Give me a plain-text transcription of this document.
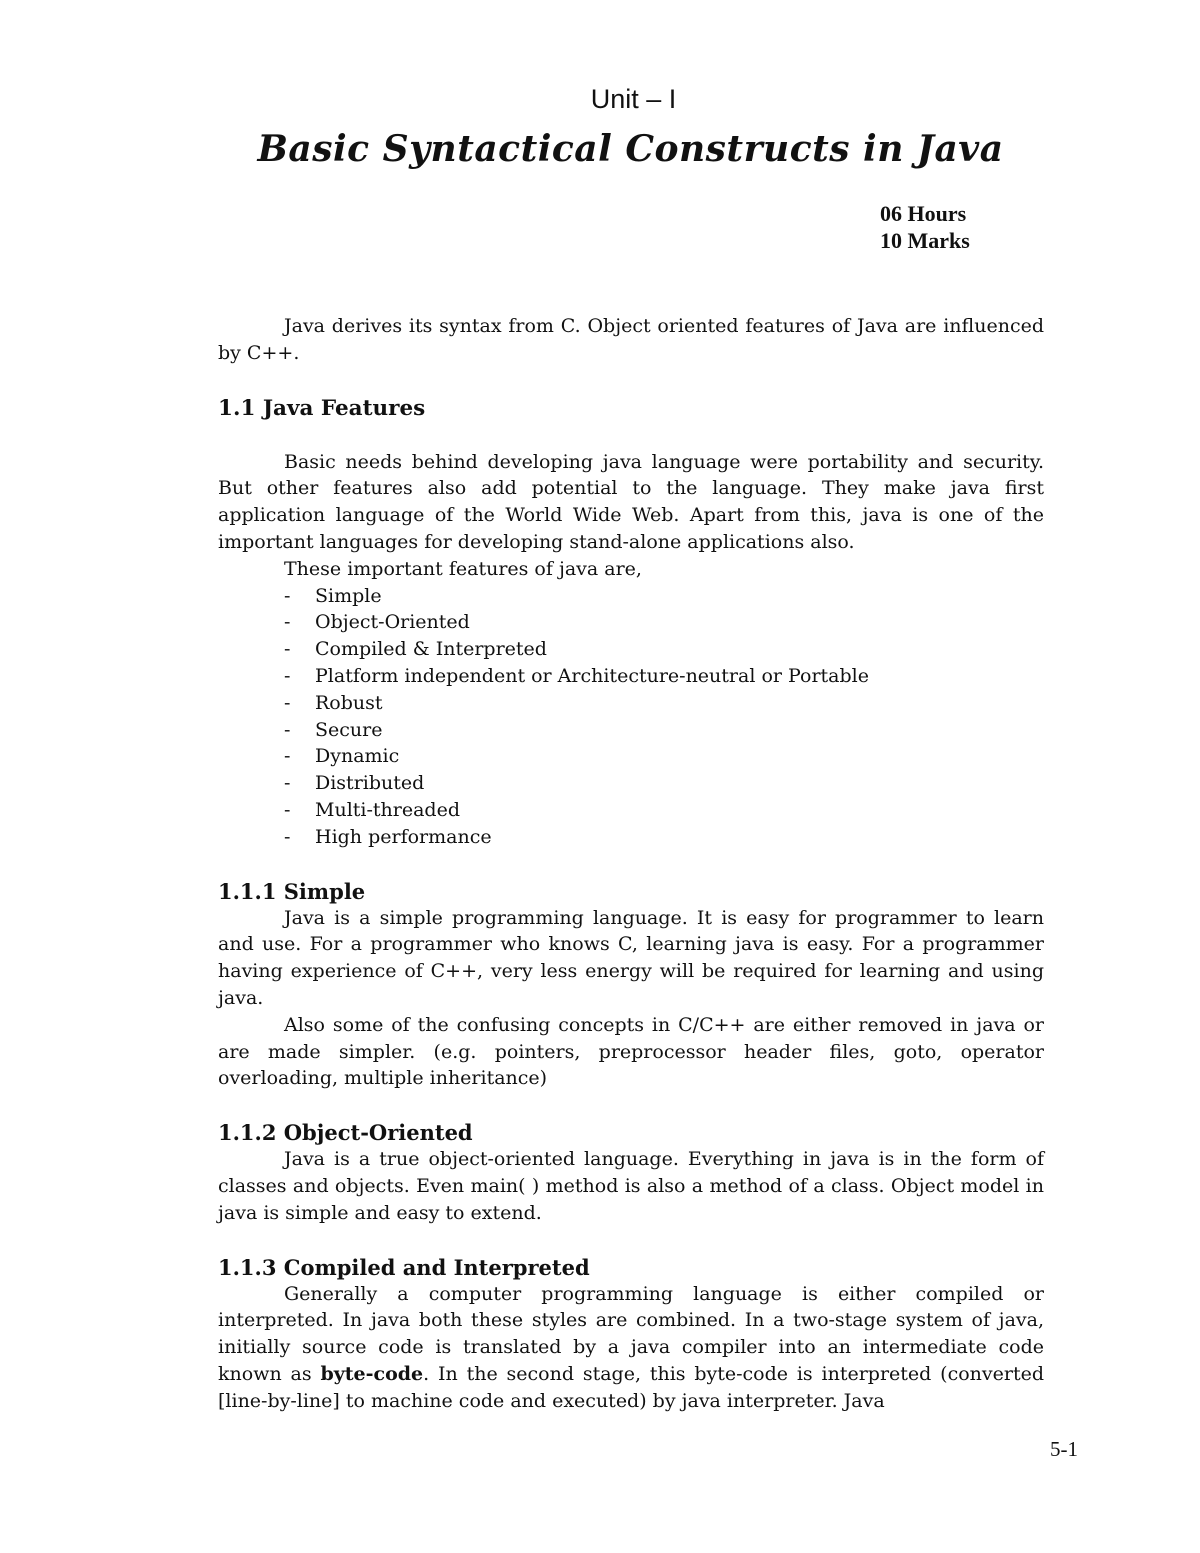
Unit – I
Basic Syntactical Constructs in Java
06 Hours
10 Marks

Java derives its syntax from C. Object oriented features of Java are influenced by C++.

1.1 Java Features

Basic needs behind developing java language were portability and security. But other features also add potential to the language. They make java first application language of the World Wide Web. Apart from this, java is one of the important languages for developing stand-alone applications also.

These important features of java are,

- Simple
- Object-Oriented
- Compiled & Interpreted
- Platform independent or Architecture-neutral or Portable
- Robust
- Secure
- Dynamic
- Distributed
- Multi-threaded
- High performance
1.1.1 Simple

Java is a simple programming language. It is easy for programmer to learn and use. For a programmer who knows C, learning java is easy. For a programmer having experience of C++, very less energy will be required for learning and using java.

Also some of the confusing concepts in C/C++ are either removed in java or are made simpler. (e.g. pointers, preprocessor header files, goto, operator overloading, multiple inheritance)

1.1.2 Object-Oriented

Java is a true object-oriented language. Everything in java is in the form of classes and objects. Even main( ) method is also a method of a class. Object model in java is simple and easy to extend.

1.1.3 Compiled and Interpreted

Generally a computer programming language is either compiled or interpreted. In java both these styles are combined. In a two-stage system of java, initially source code is translated by a java compiler into an intermediate code known as byte-code. In the second stage, this byte-code is interpreted (converted [line-by-line] to machine code and executed) by java interpreter. Java

5-1
